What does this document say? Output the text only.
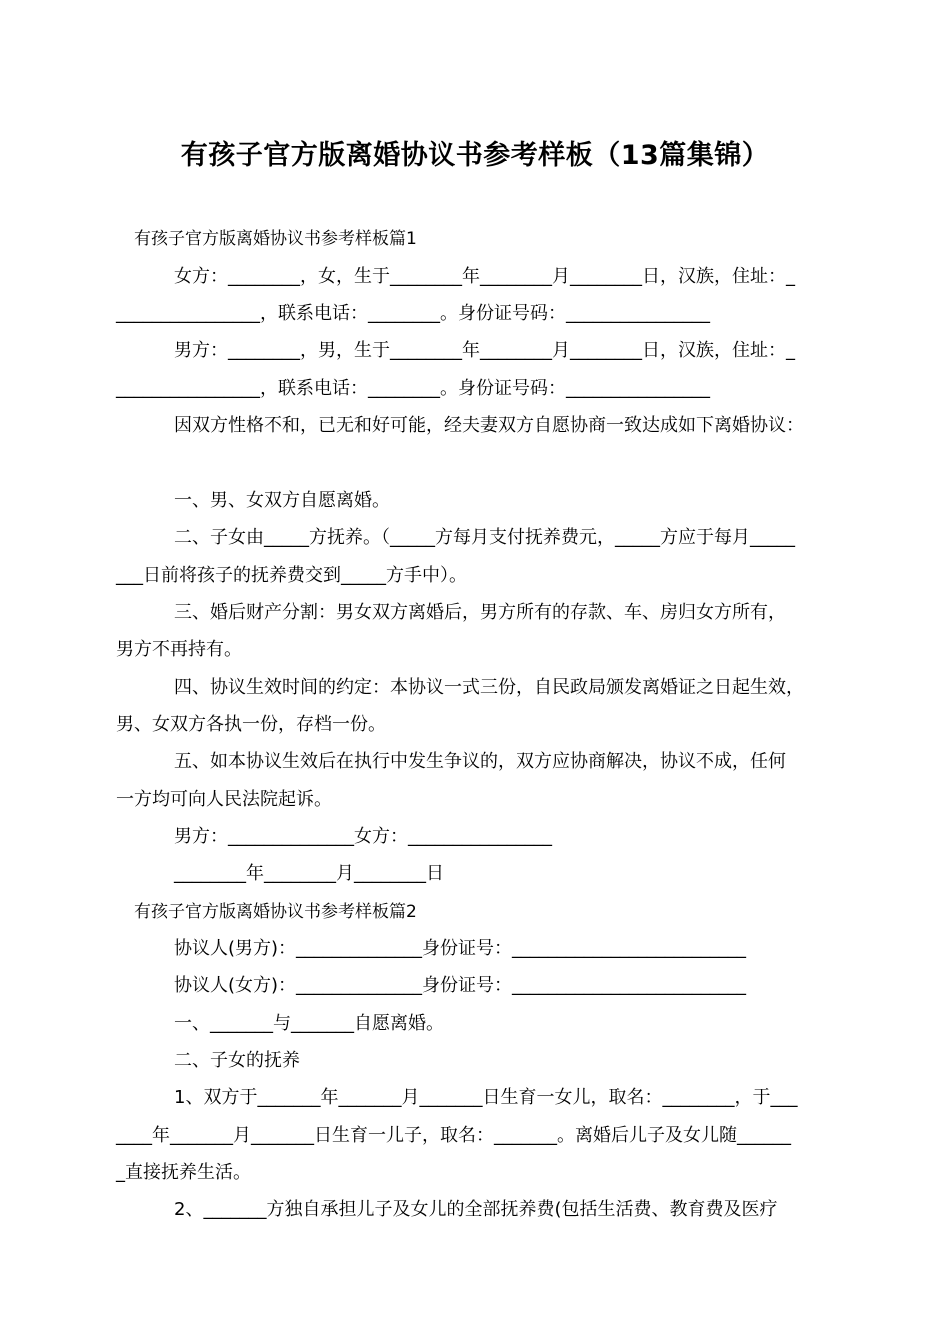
有孩子官方版离婚协议书参考样板（13篇集锦）
有孩子官方版离婚协议书参考样板篇1
女方：________，女，生于________年________月________日，汉族，住址：_
________________，联系电话：________。身份证号码：________________
男方：________，男，生于________年________月________日，汉族，住址：_
________________，联系电话：________。身份证号码：________________
因双方性格不和，已无和好可能，经夫妻双方自愿协商一致达成如下离婚协议：
一、男、女双方自愿离婚。
二、子女由_____方抚养。（_____方每月支付抚养费元，_____方应于每月_____
___日前将孩子的抚养费交到_____方手中）。
三、婚后财产分割：男女双方离婚后，男方所有的存款、车、房归女方所有，
男方不再持有。
四、协议生效时间的约定：本协议一式三份，自民政局颁发离婚证之日起生效，
男、女双方各执一份，存档一份。
五、如本协议生效后在执行中发生争议的，双方应协商解决，协议不成，任何
一方均可向人民法院起诉。
男方：______________女方：________________
________年________月________日
有孩子官方版离婚协议书参考样板篇2
协议人(男方)：______________身份证号：__________________________
协议人(女方)：______________身份证号：__________________________
一、_______与_______自愿离婚。
二、子女的抚养
1、双方于_______年_______月_______日生育一女儿，取名：________，于___
____年_______月_______日生育一儿子，取名：_______。离婚后儿子及女儿随______
_直接抚养生活。
2、_______方独自承担儿子及女儿的全部抚养费(包括生活费、教育费及医疗
